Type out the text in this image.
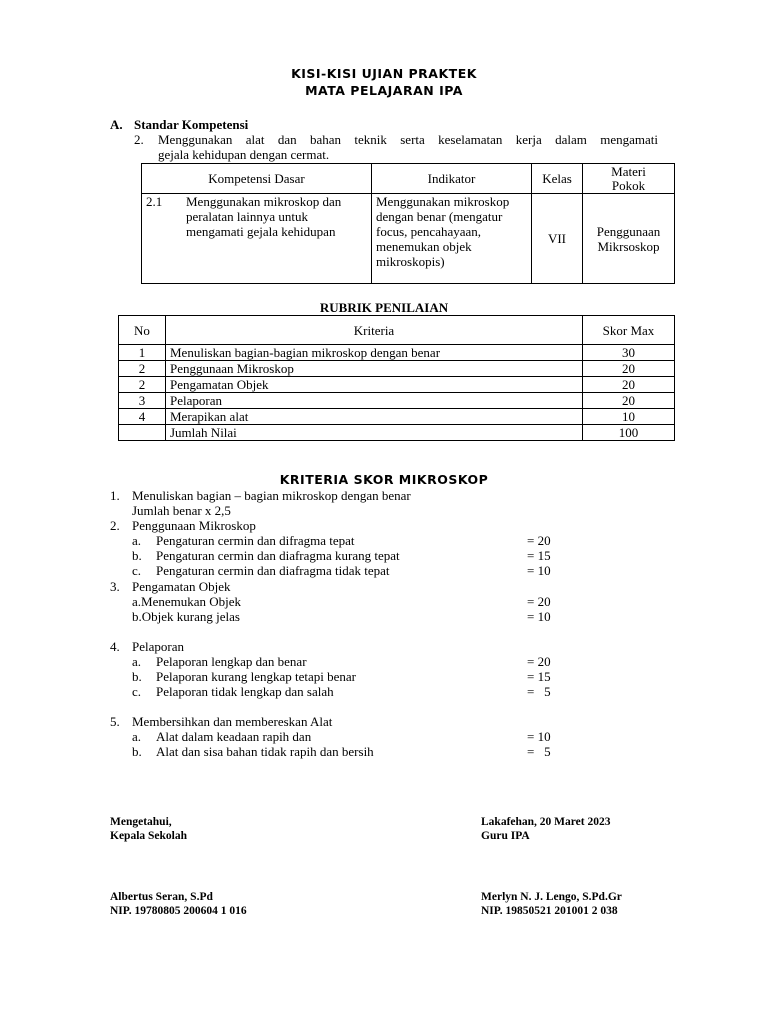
KISI-KISI UJIAN PRAKTEK
MATA PELAJARAN IPA
A. Standar Kompetensi
2. Menggunakan alat dan bahan teknik serta keselamatan kerja dalam mengamati
gejala kehidupan dengan cermat.
Kompetensi Dasar	Indikator	Kelas	Materi Pokok
2.1 Menggunakan mikroskop dan peralatan lainnya untuk mengamati gejala kehidupan	Menggunakan mikroskop dengan benar (mengatur focus, pencahayaan, menemukan objek mikroskopis)	VII	Penggunaan Mikrsoskop
RUBRIK PENILAIAN
No	Kriteria	Skor Max
1	Menuliskan bagian-bagian mikroskop dengan benar	30
2	Penggunaan Mikroskop	20
2	Pengamatan Objek	20
3	Pelaporan	20
4	Merapikan alat	10
	Jumlah Nilai	100
KRITERIA SKOR MIKROSKOP
1. Menuliskan bagian – bagian mikroskop dengan benar
Jumlah benar x 2,5
2. Penggunaan Mikroskop
a. Pengaturan cermin dan difragma tepat	= 20
b. Pengaturan cermin dan diafragma kurang tepat	= 15
c. Pengaturan cermin dan diafragma tidak tepat	= 10
3. Pengamatan Objek
a.Menemukan Objek	= 20
b.Objek kurang jelas	= 10
4. Pelaporan
a. Pelaporan lengkap dan benar	= 20
b. Pelaporan kurang lengkap tetapi benar	= 15
c. Pelaporan tidak lengkap dan salah	=   5
5. Membersihkan dan membereskan Alat
a. Alat dalam keadaan rapih dan	= 10
b. Alat dan sisa bahan tidak rapih dan bersih	=   5
Mengetahui,
Kepala Sekolah
Lakafehan, 20 Maret 2023
Guru IPA
Albertus Seran, S.Pd
NIP. 19780805 200604 1 016
Merlyn N. J. Lengo, S.Pd.Gr
NIP. 19850521 201001 2 038
